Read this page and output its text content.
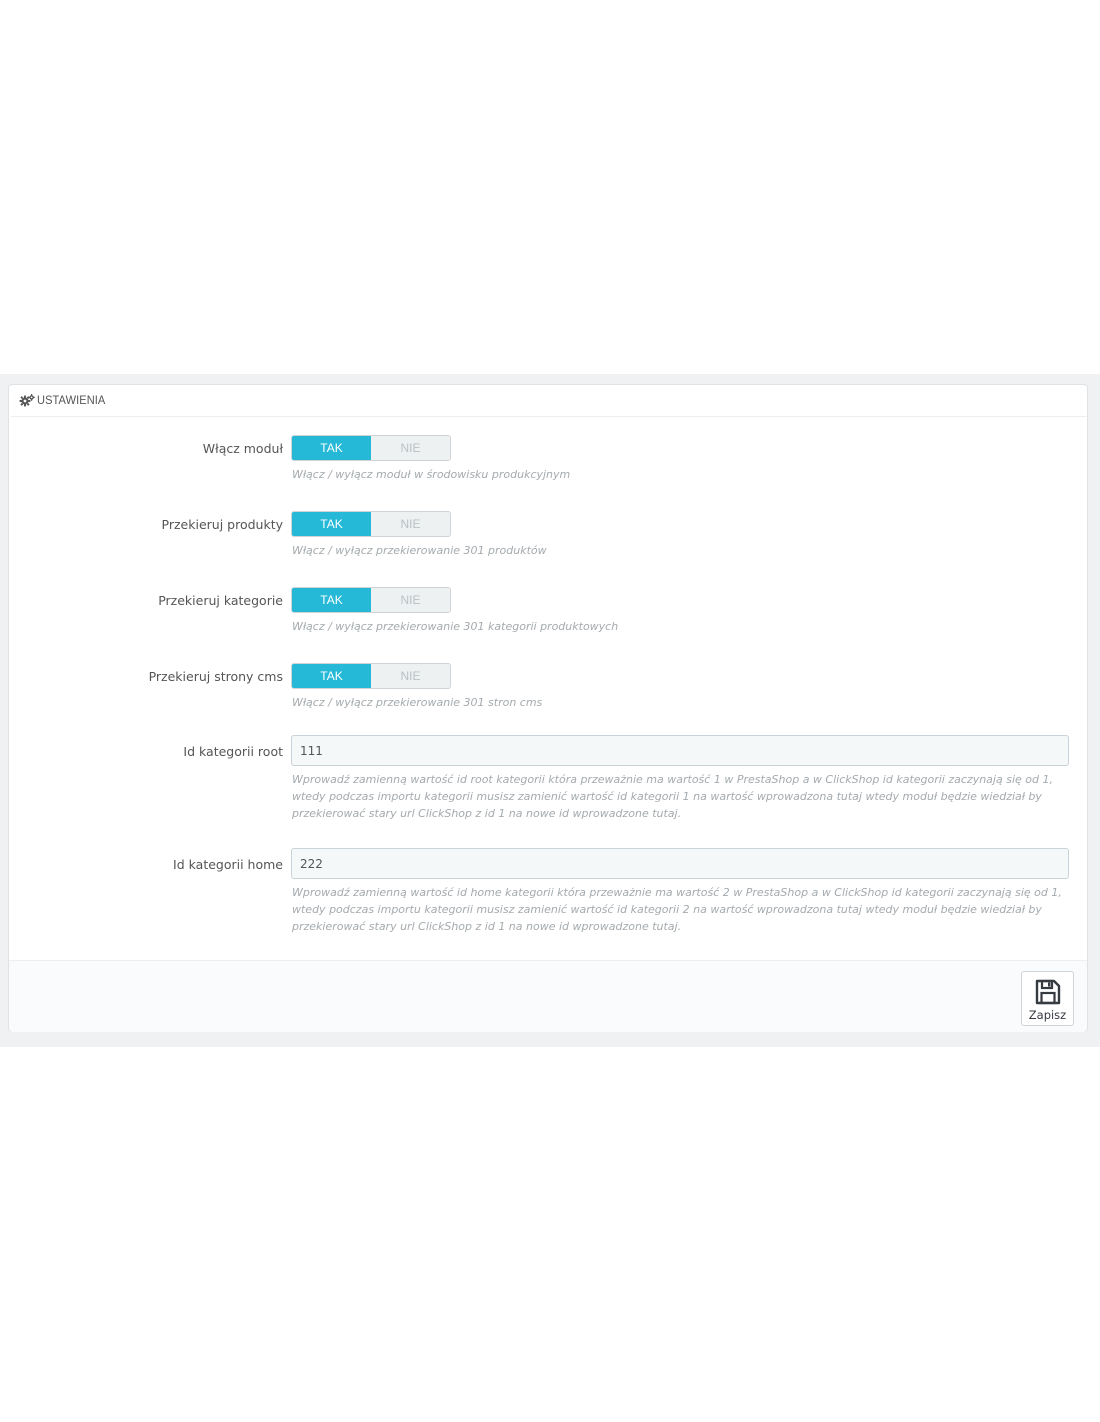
USTAWIENIA
Włącz moduł	TAK	NIE
Włącz / wyłącz moduł w środowisku produkcyjnym
Przekieruj produkty	TAK	NIE
Włącz / wyłącz przekierowanie 301 produktów
Przekieruj kategorie	TAK	NIE
Włącz / wyłącz przekierowanie 301 kategorii produktowych
Przekieruj strony cms	TAK	NIE
Włącz / wyłącz przekierowanie 301 stron cms
Id kategorii root
111
Wprowadź zamienną wartość id root kategorii która przeważnie ma wartość 1 w PrestaShop a w ClickShop id kategorii zaczynają się od 1, wtedy podczas importu kategorii musisz zamienić wartość id kategorii 1 na wartość wprowadzona tutaj wtedy moduł będzie wiedział by przekierować stary url ClickShop z id 1 na nowe id wprowadzone tutaj.
Id kategorii home
222
Wprowadź zamienną wartość id home kategorii która przeważnie ma wartość 2 w PrestaShop a w ClickShop id kategorii zaczynają się od 1, wtedy podczas importu kategorii musisz zamienić wartość id kategorii 2 na wartość wprowadzona tutaj wtedy moduł będzie wiedział by przekierować stary url ClickShop z id 1 na nowe id wprowadzone tutaj.
Zapisz
